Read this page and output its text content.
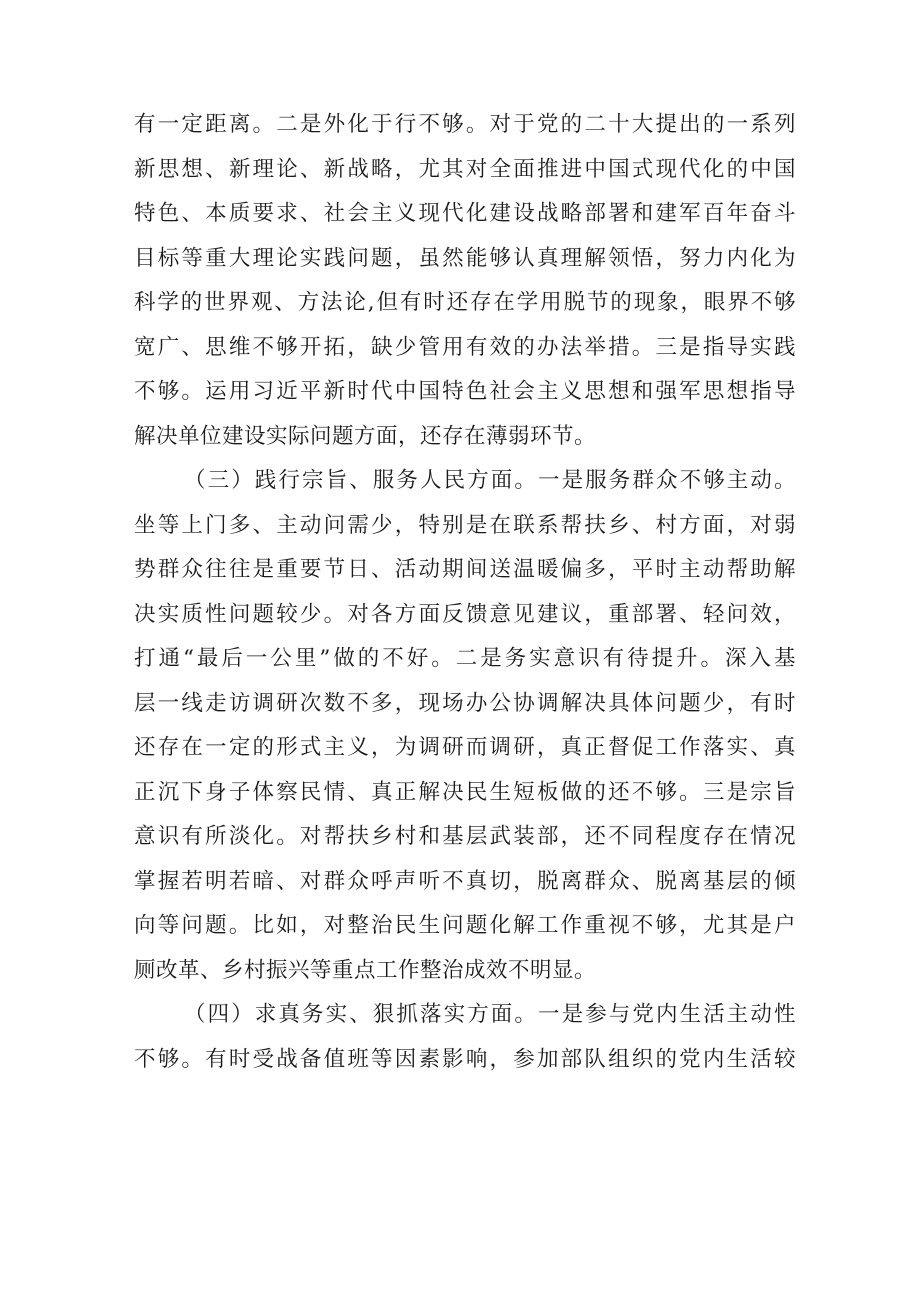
有一定距离。二是外化于行不够。对于党的二十大提出的一系列
新思想、新理论、新战略，尤其对全面推进中国式现代化的中国
特色、本质要求、社会主义现代化建设战略部署和建军百年奋斗
目标等重大理论实践问题，虽然能够认真理解领悟，努力内化为
科学的世界观、方法论,但有时还存在学用脱节的现象，眼界不够
宽广、思维不够开拓，缺少管用有效的办法举措。三是指导实践
不够。运用习近平新时代中国特色社会主义思想和强军思想指导
解决单位建设实际问题方面，还存在薄弱环节。
（三）践行宗旨、服务人民方面。一是服务群众不够主动。
坐等上门多、主动问需少，特别是在联系帮扶乡、村方面，对弱
势群众往往是重要节日、活动期间送温暖偏多，平时主动帮助解
决实质性问题较少。对各方面反馈意见建议，重部署、轻问效，
打通“最后一公里”做的不好。二是务实意识有待提升。深入基
层一线走访调研次数不多，现场办公协调解决具体问题少，有时
还存在一定的形式主义，为调研而调研，真正督促工作落实、真
正沉下身子体察民情、真正解决民生短板做的还不够。三是宗旨
意识有所淡化。对帮扶乡村和基层武装部，还不同程度存在情况
掌握若明若暗、对群众呼声听不真切，脱离群众、脱离基层的倾
向等问题。比如，对整治民生问题化解工作重视不够，尤其是户
厕改革、乡村振兴等重点工作整治成效不明显。
（四）求真务实、狠抓落实方面。一是参与党内生活主动性
不够。有时受战备值班等因素影响，参加部队组织的党内生活较
